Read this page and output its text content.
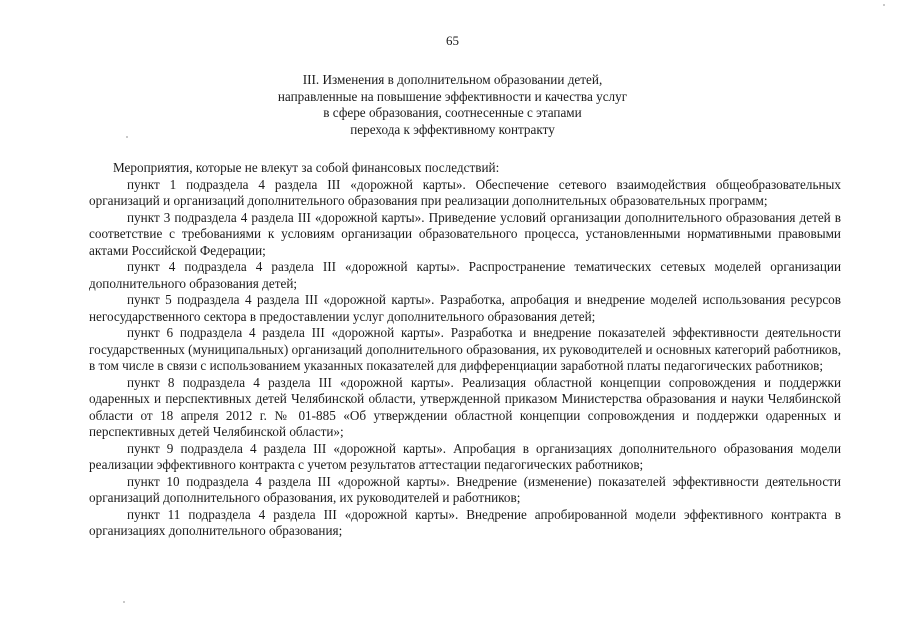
65
III. Изменения в дополнительном образовании детей,
направленные на повышение эффективности и качества услуг
в сфере образования, соотнесенные с этапами
перехода к эффективному контракту

Мероприятия, которые не влекут за собой финансовых последствий:

пункт 1 подраздела 4 раздела III «дорожной карты». Обеспечение сетевого взаимодействия общеобразовательных организаций и организаций дополнительного образования при реализации дополнительных образовательных программ;

пункт 3 подраздела 4 раздела III «дорожной карты». Приведение условий организации дополнительного образования детей в соответствие с требованиями к условиям организации образовательного процесса, установленными нормативными правовыми актами Российской Федерации;

пункт 4 подраздела 4 раздела III «дорожной карты». Распространение тематических сетевых моделей организации дополнительного образования детей;

пункт 5 подраздела 4 раздела III «дорожной карты». Разработка, апробация и внедрение моделей использования ресурсов негосударственного сектора в предоставлении услуг дополнительного образования детей;

пункт 6 подраздела 4 раздела III «дорожной карты». Разработка и внедрение показателей эффективности деятельности государственных (муниципальных) организаций дополнительного образования, их руководителей и основных категорий работников, в том числе в связи с использованием указанных показателей для дифференциации заработной платы педагогических работников;

пункт 8 подраздела 4 раздела III «дорожной карты». Реализация областной концепции сопровождения и поддержки одаренных и перспективных детей Челябинской области, утвержденной приказом Министерства образования и науки Челябинской области от 18 апреля 2012 г. № 01-885 «Об утверждении областной концепции сопровождения и поддержки одаренных и перспективных детей Челябинской области»;

пункт 9 подраздела 4 раздела III «дорожной карты». Апробация в организациях дополнительного образования модели реализации эффективного контракта с учетом результатов аттестации педагогических работников;

пункт 10 подраздела 4 раздела III «дорожной карты». Внедрение (изменение) показателей эффективности деятельности организаций дополнительного образования, их руководителей и работников;

пункт 11 подраздела 4 раздела III «дорожной карты». Внедрение апробированной модели эффективного контракта в организациях дополнительного образования;
